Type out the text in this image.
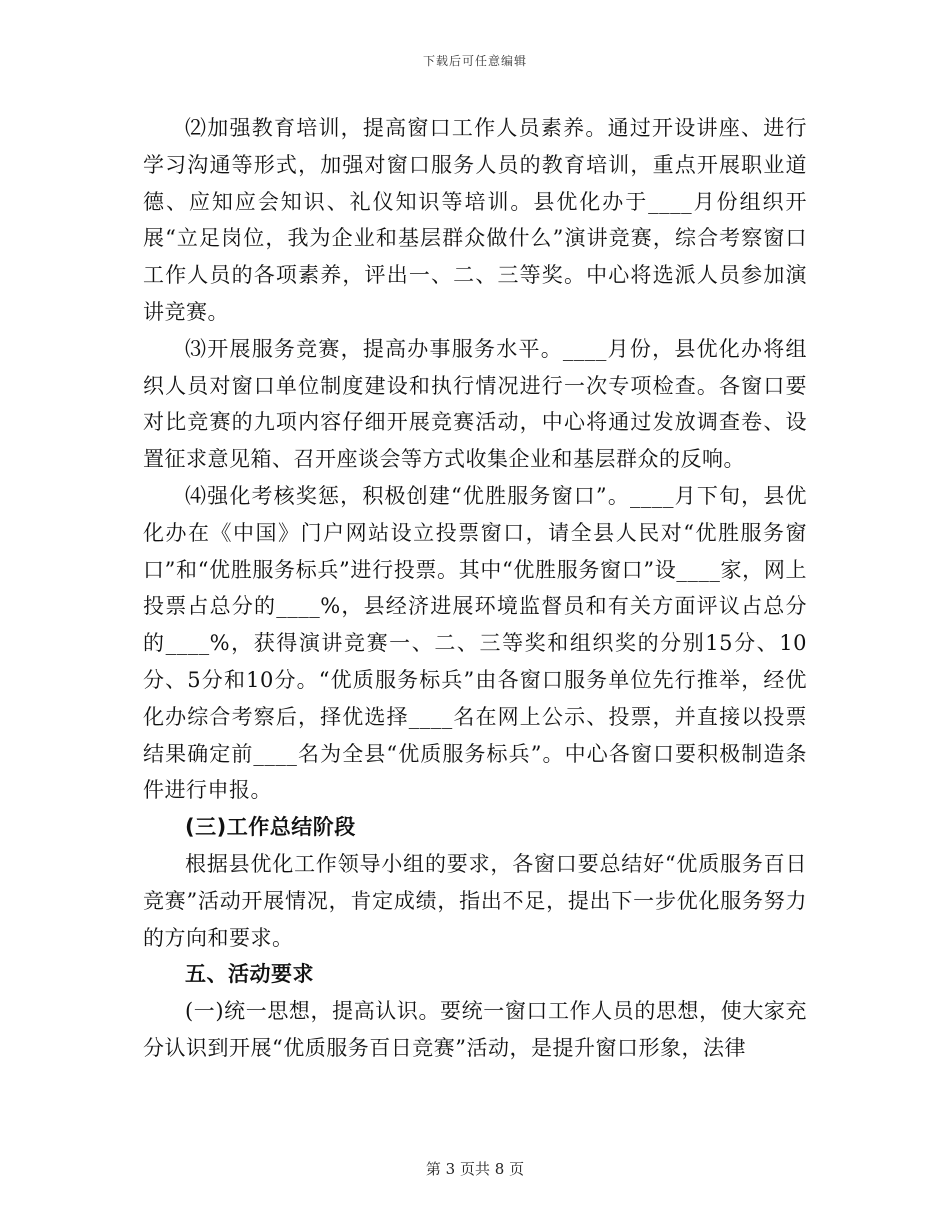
下载后可任意编辑

⑵加强教育培训，提高窗口工作人员素养。通过开设讲座、进行学习沟通等形式，加强对窗口服务人员的教育培训，重点开展职业道德、应知应会知识、礼仪知识等培训。县优化办于____月份组织开展“立足岗位，我为企业和基层群众做什么”演讲竞赛，综合考察窗口工作人员的各项素养，评出一、二、三等奖。中心将选派人员参加演讲竞赛。

⑶开展服务竞赛，提高办事服务水平。____月份，县优化办将组织人员对窗口单位制度建设和执行情况进行一次专项检查。各窗口要对比竞赛的九项内容仔细开展竞赛活动，中心将通过发放调查卷、设置征求意见箱、召开座谈会等方式收集企业和基层群众的反响。

⑷强化考核奖惩，积极创建“优胜服务窗口”。____月下旬，县优化办在《中国》门户网站设立投票窗口，请全县人民对“优胜服务窗口”和“优胜服务标兵”进行投票。其中“优胜服务窗口”设____家，网上投票占总分的____%，县经济进展环境监督员和有关方面评议占总分的____%，获得演讲竞赛一、二、三等奖和组织奖的分别15分、10分、5分和10分。“优质服务标兵”由各窗口服务单位先行推举，经优化办综合考察后，择优选择____名在网上公示、投票，并直接以投票结果确定前____名为全县“优质服务标兵”。中心各窗口要积极制造条件进行申报。

(三)工作总结阶段

根据县优化工作领导小组的要求，各窗口要总结好“优质服务百日竞赛”活动开展情况，肯定成绩，指出不足，提出下一步优化服务努力的方向和要求。

五、活动要求

(一)统一思想，提高认识。要统一窗口工作人员的思想，使大家充分认识到开展“优质服务百日竞赛”活动，是提升窗口形象，法律

第 3 页共 8 页
